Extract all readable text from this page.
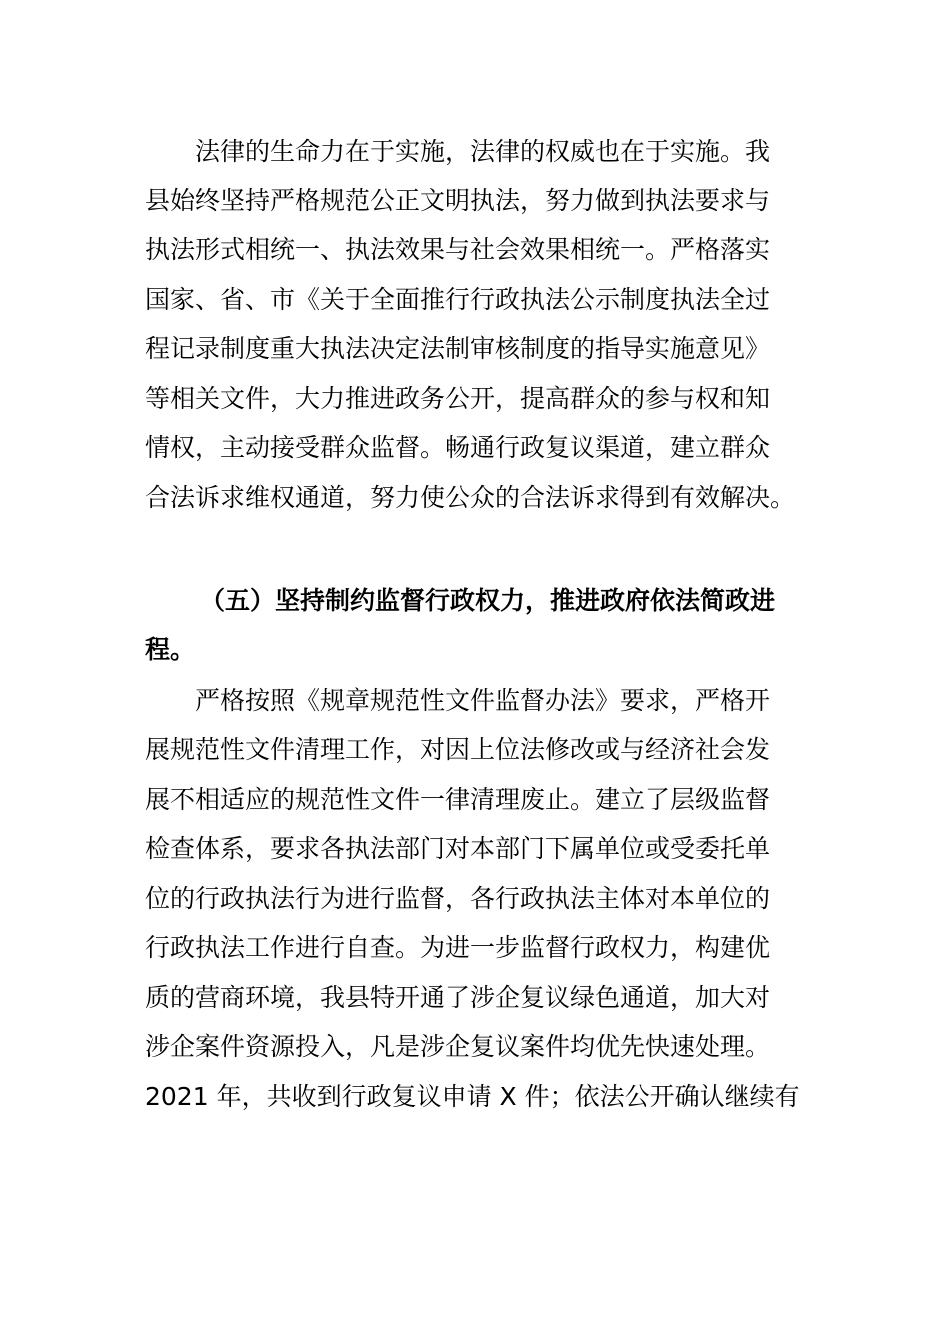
法律的生命力在于实施，法律的权威也在于实施。我
县始终坚持严格规范公正文明执法，努力做到执法要求与
执法形式相统一、执法效果与社会效果相统一。严格落实
国家、省、市《关于全面推行行政执法公示制度执法全过
程记录制度重大执法决定法制审核制度的指导实施意见》
等相关文件，大力推进政务公开，提高群众的参与权和知
情权，主动接受群众监督。畅通行政复议渠道，建立群众
合法诉求维权通道，努力使公众的合法诉求得到有效解决。
（五）坚持制约监督行政权力，推进政府依法简政进
程。
严格按照《规章规范性文件监督办法》要求，严格开
展规范性文件清理工作，对因上位法修改或与经济社会发
展不相适应的规范性文件一律清理废止。建立了层级监督
检查体系，要求各执法部门对本部门下属单位或受委托单
位的行政执法行为进行监督，各行政执法主体对本单位的
行政执法工作进行自查。为进一步监督行政权力，构建优
质的营商环境，我县特开通了涉企复议绿色通道，加大对
涉企案件资源投入，凡是涉企复议案件均优先快速处理。
2021 年，共收到行政复议申请 X 件；依法公开确认继续有
